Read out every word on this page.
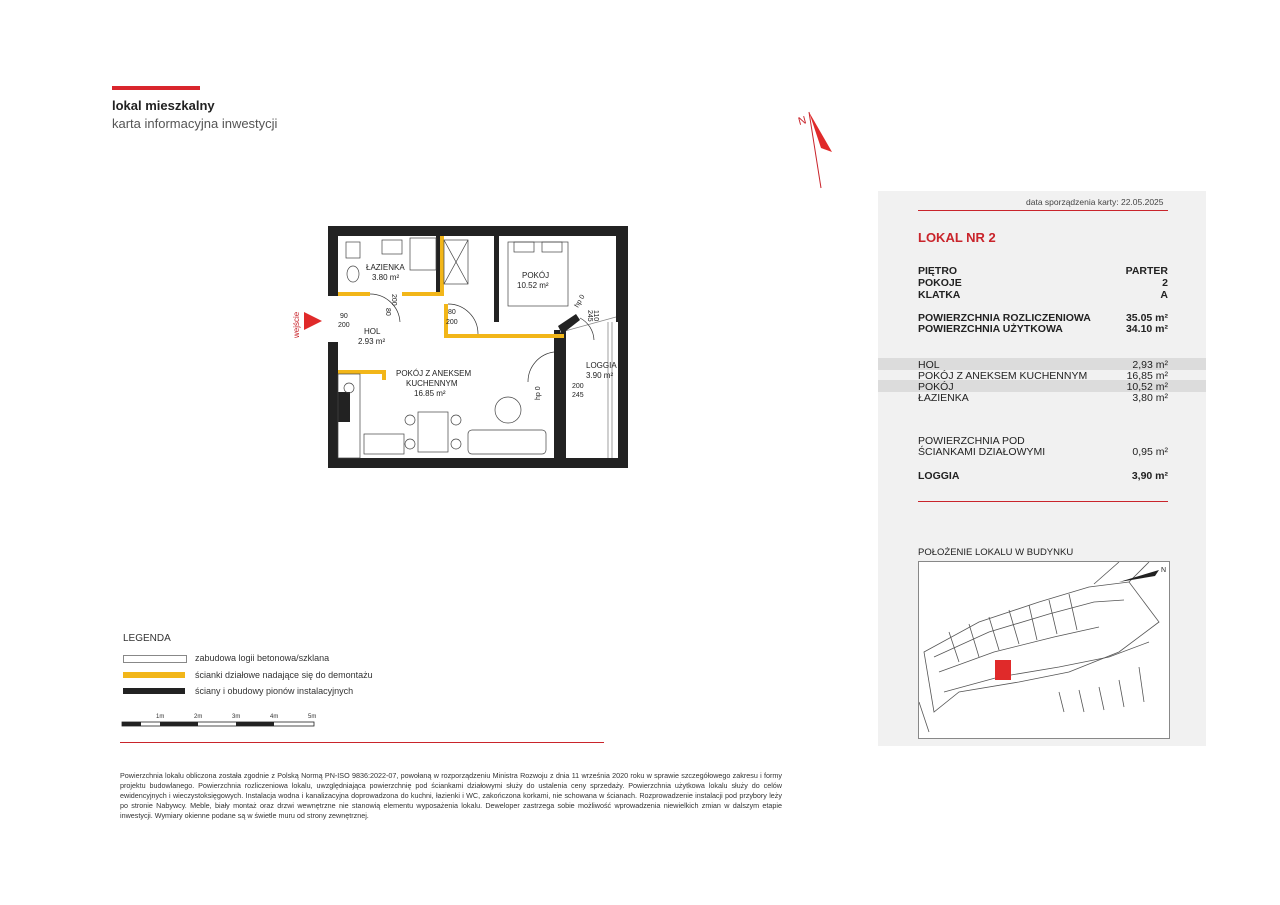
lokal mieszkalny
karta informacyjna inwestycji	N
wejście
ŁAZIENKA
3.80 m²	POKÓJ
10.52 m²
HOL
2.93 m²
POKÓJ Z ANEKSEM
KUCHENNYM
16.85 m²
LOGGIA
3.90 m²
90
200
80
200
80
200
200
245
110
245
hp 0
hp 0
data sporządzenia karty: 22.05.2025
LOKAL NR 2
PIĘTRO	PARTER
POKOJE	2
KLATKA	A
POWIERZCHNIA ROZLICZENIOWA	35.05 m²
POWIERZCHNIA UŻYTKOWA	34.10 m²
HOL	2,93 m²
POKÓJ Z ANEKSEM KUCHENNYM	16,85 m²
POKÓJ	10,52 m²
ŁAZIENKA	3,80 m²
POWIERZCHNIA POD
ŚCIANKAMI DZIAŁOWYMI	0,95 m²
LOGGIA	3,90 m²
POŁOŻENIE LOKALU W BUDYNKU
N
LEGENDA
zabudowa logii betonowa/szklana
ścianki działowe nadające się do demontażu
ściany i obudowy pionów instalacyjnych
1m	2m	3m	4m	5m
Powierzchnia lokalu obliczona została zgodnie z Polską Normą PN-ISO 9836:2022-07, powołaną w rozporządzeniu Ministra Rozwoju z dnia 11 września 2020 roku w sprawie szczegółowego zakresu i formy projektu budowlanego. Powierzchnia rozliczeniowa lokalu, uwzględniająca powierzchnię pod ściankami działowymi służy do ustalenia ceny sprzedaży. Powierzchnia użytkowa lokalu służy do celów ewidencyjnych i wieczystoksięgowych. Instalacja wodna i kanalizacyjna doprowadzona do kuchni, łazienki i WC, zakończona korkami, nie schowana w ścianach. Rozprowadzenie instalacji pod przybory leży po stronie Nabywcy. Meble, biały montaż oraz drzwi wewnętrzne nie stanowią elementu wyposażenia lokalu. Deweloper zastrzega sobie możliwość wprowadzenia niewielkich zmian w dalszym etapie inwestycji. Wymiary okienne podane są w świetle muru od strony zewnętrznej.
